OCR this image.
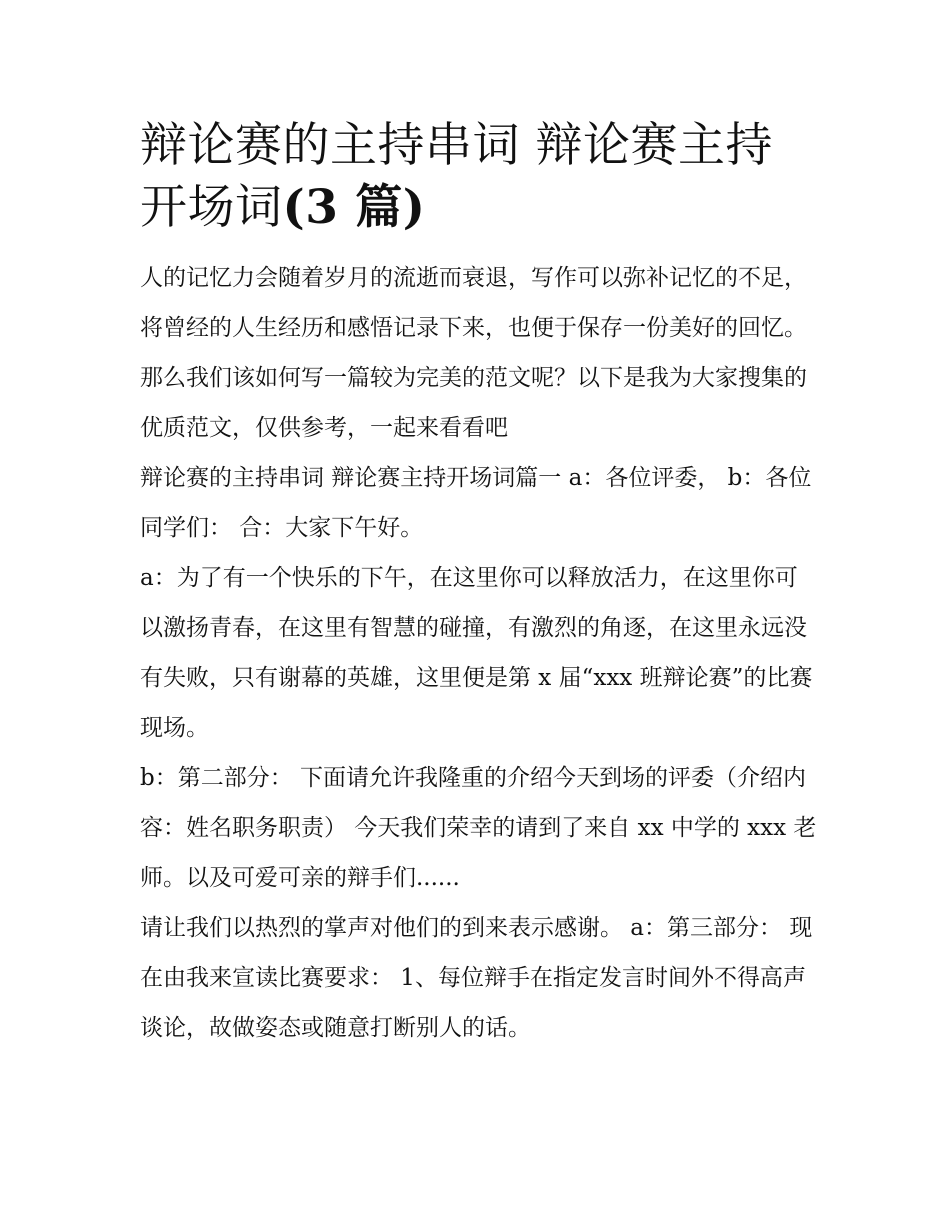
辩论赛的主持串词 辩论赛主持开场词(3 篇)

人的记忆力会随着岁月的流逝而衰退，写作可以弥补记忆的不足，将曾经的人生经历和感悟记录下来，也便于保存一份美好的回忆。那么我们该如何写一篇较为完美的范文呢？以下是我为大家搜集的优质范文，仅供参考，一起来看看吧

辩论赛的主持串词 辩论赛主持开场词篇一 a：各位评委， b：各位同学们： 合：大家下午好。

a：为了有一个快乐的下午，在这里你可以释放活力，在这里你可以激扬青春，在这里有智慧的碰撞，有激烈的角逐，在这里永远没有失败，只有谢幕的英雄，这里便是第 x 届“xxx 班辩论赛”的比赛现场。

b：第二部分： 下面请允许我隆重的介绍今天到场的评委（介绍内容：姓名职务职责） 今天我们荣幸的请到了来自 xx 中学的 xxx 老师。以及可爱可亲的辩手们......

请让我们以热烈的掌声对他们的到来表示感谢。 a：第三部分： 现在由我来宣读比赛要求： 1、每位辩手在指定发言时间外不得高声谈论，故做姿态或随意打断别人的话。
